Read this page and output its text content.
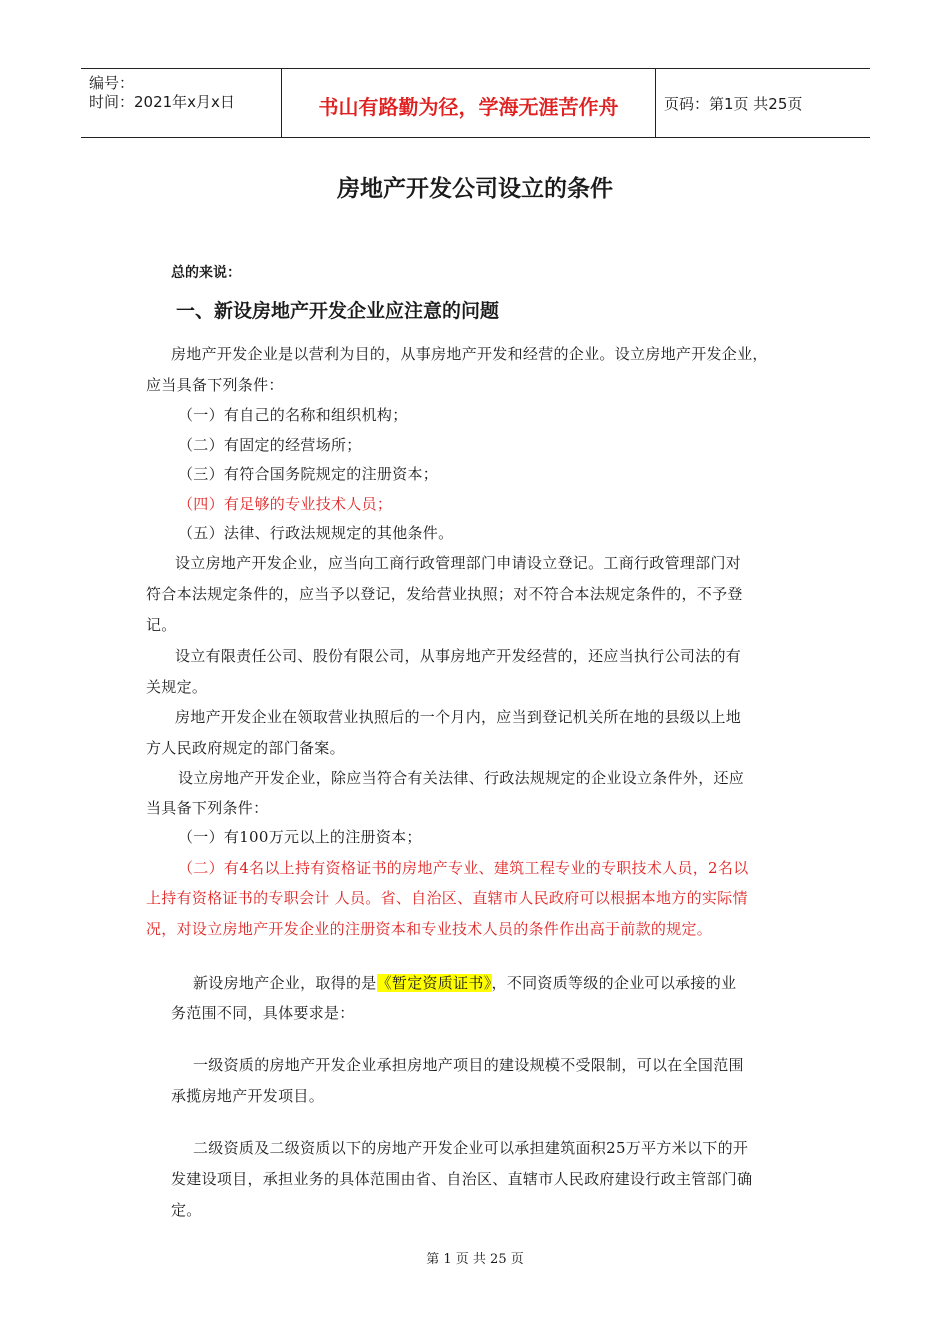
编号：
时间：2021年x月x日	书山有路勤为径，学海无涯苦作舟	页码：第1页 共25页
房地产开发公司设立的条件
总的来说：
一、新设房地产开发企业应注意的问题
房地产开发企业是以营利为目的，从事房地产开发和经营的企业。设立房地产开发企业，
应当具备下列条件：
（一）有自己的名称和组织机构；
（二）有固定的经营场所；
（三）有符合国务院规定的注册资本；
（四）有足够的专业技术人员；
（五）法律、行政法规规定的其他条件。
设立房地产开发企业，应当向工商行政管理部门申请设立登记。工商行政管理部门对
符合本法规定条件的，应当予以登记，发给营业执照；对不符合本法规定条件的，不予登
记。
设立有限责任公司、股份有限公司，从事房地产开发经营的，还应当执行公司法的有
关规定。
房地产开发企业在领取营业执照后的一个月内，应当到登记机关所在地的县级以上地
方人民政府规定的部门备案。
设立房地产开发企业，除应当符合有关法律、行政法规规定的企业设立条件外，还应
当具备下列条件：
（一）有100万元以上的注册资本；
（二）有4名以上持有资格证书的房地产专业、建筑工程专业的专职技术人员，2名以
上持有资格证书的专职会计 人员。省、自治区、直辖市人民政府可以根据本地方的实际情
况，对设立房地产开发企业的注册资本和专业技术人员的条件作出高于前款的规定。
新设房地产企业，取得的是《暂定资质证书》，不同资质等级的企业可以承接的业
务范围不同，具体要求是：
一级资质的房地产开发企业承担房地产项目的建设规模不受限制，可以在全国范围
承揽房地产开发项目。
二级资质及二级资质以下的房地产开发企业可以承担建筑面积25万平方米以下的开
发建设项目，承担业务的具体范围由省、自治区、直辖市人民政府建设行政主管部门确
定。
第 1 页 共 25 页
